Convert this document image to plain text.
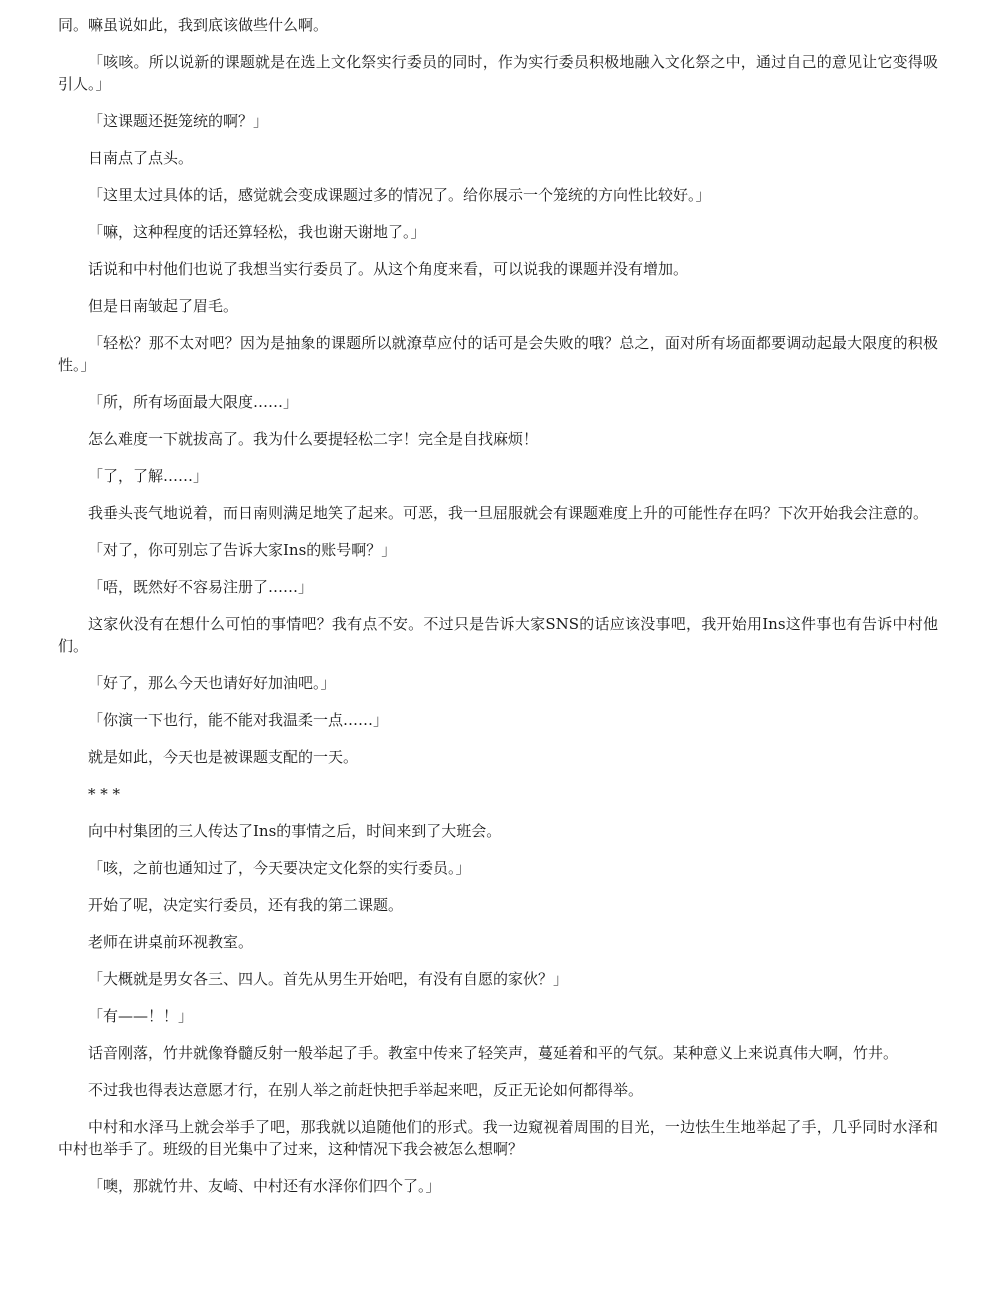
同。嘛虽说如此，我到底该做些什么啊。

「咳咳。所以说新的课题就是在选上文化祭实行委员的同时，作为实行委员积极地融入文化祭之中，通过自己的意见让它变得吸引人。」

「这课题还挺笼统的啊？」

日南点了点头。

「这里太过具体的话，感觉就会变成课题过多的情况了。给你展示一个笼统的方向性比较好。」

「嘛，这种程度的话还算轻松，我也谢天谢地了。」

话说和中村他们也说了我想当实行委员了。从这个角度来看，可以说我的课题并没有增加。

但是日南皱起了眉毛。

「轻松？那不太对吧？因为是抽象的课题所以就潦草应付的话可是会失败的哦？总之，面对所有场面都要调动起最大限度的积极性。」

「所，所有场面最大限度……」

怎么难度一下就拔高了。我为什么要提轻松二字！完全是自找麻烦！

「了，了解……」

我垂头丧气地说着，而日南则满足地笑了起来。可恶，我一旦屈服就会有课题难度上升的可能性存在吗？下次开始我会注意的。

「对了，你可别忘了告诉大家Ins的账号啊？」

「唔，既然好不容易注册了……」

这家伙没有在想什么可怕的事情吧？我有点不安。不过只是告诉大家SNS的话应该没事吧，我开始用Ins这件事也有告诉中村他们。

「好了，那么今天也请好好加油吧。」

「你演一下也行，能不能对我温柔一点……」

就是如此，今天也是被课题支配的一天。

* * *

向中村集团的三人传达了Ins的事情之后，时间来到了大班会。

「咳，之前也通知过了，今天要决定文化祭的实行委员。」

开始了呢，决定实行委员，还有我的第二课题。

老师在讲桌前环视教室。

「大概就是男女各三、四人。首先从男生开始吧，有没有自愿的家伙？」

「有——！！」

话音刚落，竹井就像脊髓反射一般举起了手。教室中传来了轻笑声，蔓延着和平的气氛。某种意义上来说真伟大啊，竹井。

不过我也得表达意愿才行，在别人举之前赶快把手举起来吧，反正无论如何都得举。

中村和水泽马上就会举手了吧，那我就以追随他们的形式。我一边窥视着周围的目光，一边怯生生地举起了手，几乎同时水泽和中村也举手了。班级的目光集中了过来，这种情况下我会被怎么想啊？

「噢，那就竹井、友崎、中村还有水泽你们四个了。」
